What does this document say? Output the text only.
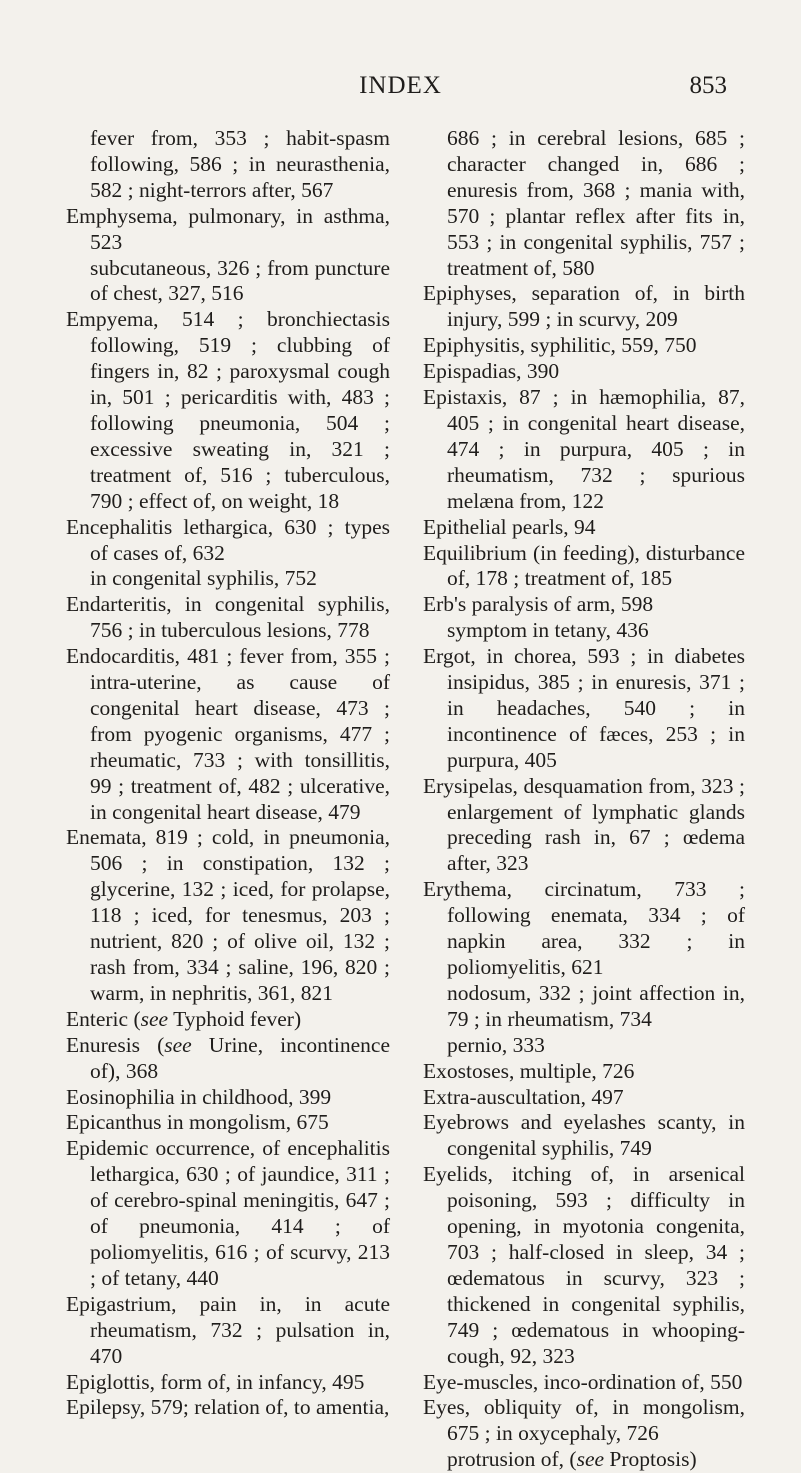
INDEX	853
fever from, 353 ; habit-spasm following, 586 ; in neurasthenia, 582 ; night-terrors after, 567
Emphysema, pulmonary, in asthma, 523
subcutaneous, 326 ; from puncture of chest, 327, 516
Empyema, 514 ; bronchiectasis following, 519 ; clubbing of fingers in, 82 ; paroxysmal cough in, 501 ; pericarditis with, 483 ; following pneumonia, 504 ; excessive sweating in, 321 ; treatment of, 516 ; tuberculous, 790 ; effect of, on weight, 18
Encephalitis lethargica, 630 ; types of cases of, 632
in congenital syphilis, 752
Endarteritis, in congenital syphilis, 756 ; in tuberculous lesions, 778
Endocarditis, 481 ; fever from, 355 ; intra-uterine, as cause of congenital heart disease, 473 ; from pyogenic organisms, 477 ; rheumatic, 733 ; with tonsillitis, 99 ; treatment of, 482 ; ulcerative, in congenital heart disease, 479
Enemata, 819 ; cold, in pneumonia, 506 ; in constipation, 132 ; glycerine, 132 ; iced, for prolapse, 118 ; iced, for tenesmus, 203 ; nutrient, 820 ; of olive oil, 132 ; rash from, 334 ; saline, 196, 820 ; warm, in nephritis, 361, 821
Enteric (see Typhoid fever)
Enuresis (see Urine, incontinence of), 368
Eosinophilia in childhood, 399
Epicanthus in mongolism, 675
Epidemic occurrence, of encephalitis lethargica, 630 ; of jaundice, 311 ; of cerebro-spinal meningitis, 647 ; of pneumonia, 414 ; of poliomyelitis, 616 ; of scurvy, 213 ; of tetany, 440
Epigastrium, pain in, in acute rheumatism, 732 ; pulsation in, 470
Epiglottis, form of, in infancy, 495
Epilepsy, 579; relation of, to amentia,
686 ; in cerebral lesions, 685 ; character changed in, 686 ; enuresis from, 368 ; mania with, 570 ; plantar reflex after fits in, 553 ; in congenital syphilis, 757 ; treatment of, 580
Epiphyses, separation of, in birth injury, 599 ; in scurvy, 209
Epiphysitis, syphilitic, 559, 750
Epispadias, 390
Epistaxis, 87 ; in hæmophilia, 87, 405 ; in congenital heart disease, 474 ; in purpura, 405 ; in rheumatism, 732 ; spurious melæna from, 122
Epithelial pearls, 94
Equilibrium (in feeding), disturbance of, 178 ; treatment of, 185
Erb's paralysis of arm, 598
symptom in tetany, 436
Ergot, in chorea, 593 ; in diabetes insipidus, 385 ; in enuresis, 371 ; in headaches, 540 ; in incontinence of fæces, 253 ; in purpura, 405
Erysipelas, desquamation from, 323 ; enlargement of lymphatic glands preceding rash in, 67 ; œdema after, 323
Erythema, circinatum, 733 ; following enemata, 334 ; of napkin area, 332 ; in poliomyelitis, 621
nodosum, 332 ; joint affection in, 79 ; in rheumatism, 734
pernio, 333
Exostoses, multiple, 726
Extra-auscultation, 497
Eyebrows and eyelashes scanty, in congenital syphilis, 749
Eyelids, itching of, in arsenical poisoning, 593 ; difficulty in opening, in myotonia congenita, 703 ; half-closed in sleep, 34 ; œdematous in scurvy, 323 ; thickened in congenital syphilis, 749 ; œdematous in whooping-cough, 92, 323
Eye-muscles, inco-ordination of, 550
Eyes, obliquity of, in mongolism, 675 ; in oxycephaly, 726
protrusion of, (see Proptosis)
